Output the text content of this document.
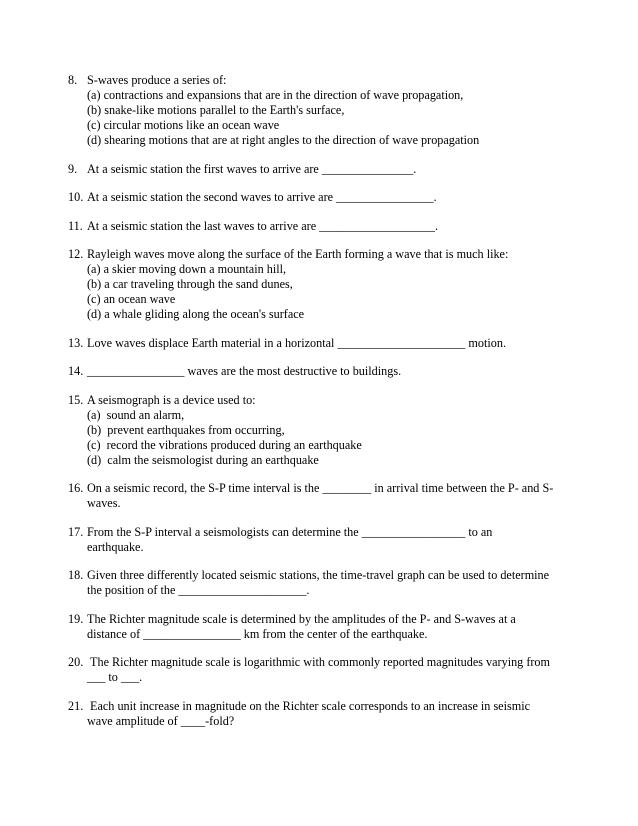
8. S-waves produce a series of:
(a) contractions and expansions that are in the direction of wave propagation,
(b) snake-like motions parallel to the Earth's surface,
(c) circular motions like an ocean wave
(d) shearing motions that are at right angles to the direction of wave propagation
9. At a seismic station the first waves to arrive are _______________.
10. At a seismic station the second waves to arrive are ________________.
11. At a seismic station the last waves to arrive are ___________________.
12. Rayleigh waves move along the surface of the Earth forming a wave that is much like:
(a) a skier moving down a mountain hill,
(b) a car traveling through the sand dunes,
(c) an ocean wave
(d) a whale gliding along the ocean's surface
13. Love waves displace Earth material in a horizontal _____________________ motion.
14. ________________ waves are the most destructive to buildings.
15. A seismograph is a device used to:
(a)  sound an alarm,
(b)  prevent earthquakes from occurring,
(c)  record the vibrations produced during an earthquake
(d)  calm the seismologist during an earthquake
16. On a seismic record, the S-P time interval is the ________ in arrival time between the P- and S-
waves.
17. From the S-P interval a seismologists can determine the _________________ to an
earthquake.
18. Given three differently located seismic stations, the time-travel graph can be used to determine
the position of the _____________________.
19. The Richter magnitude scale is determined by the amplitudes of the P- and S-waves at a
distance of ________________ km from the center of the earthquake.
20. The Richter magnitude scale is logarithmic with commonly reported magnitudes varying from
___ to ___.
21. Each unit increase in magnitude on the Richter scale corresponds to an increase in seismic
wave amplitude of ____-fold?
